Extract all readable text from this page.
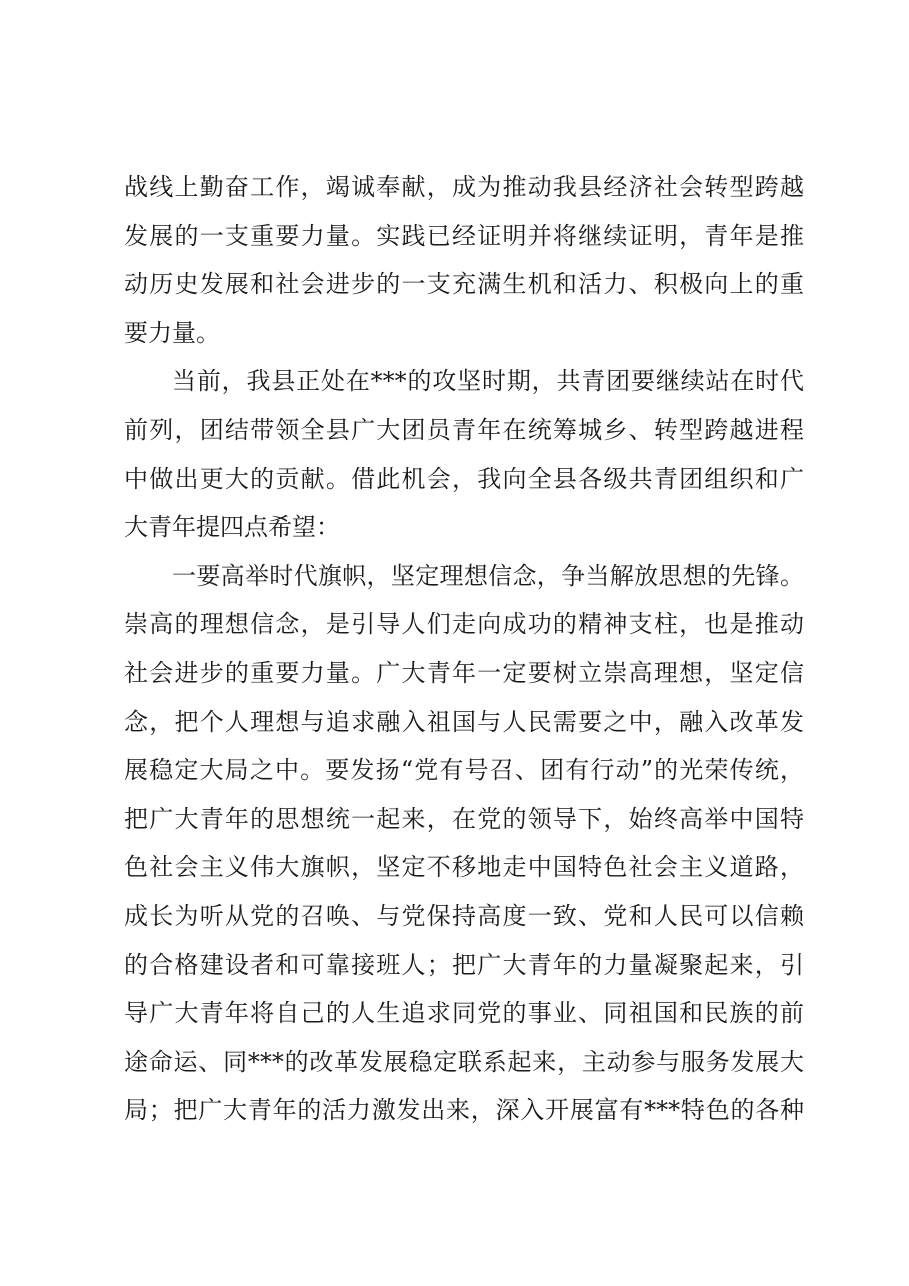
战线上勤奋工作，竭诚奉献，成为推动我县经济社会转型跨越
发展的一支重要力量。实践已经证明并将继续证明，青年是推
动历史发展和社会进步的一支充满生机和活力、积极向上的重
要力量。
当前，我县正处在***的攻坚时期，共青团要继续站在时代
前列，团结带领全县广大团员青年在统筹城乡、转型跨越进程
中做出更大的贡献。借此机会，我向全县各级共青团组织和广
大青年提四点希望：
一要高举时代旗帜，坚定理想信念，争当解放思想的先锋。
崇高的理想信念，是引导人们走向成功的精神支柱，也是推动
社会进步的重要力量。广大青年一定要树立崇高理想，坚定信
念，把个人理想与追求融入祖国与人民需要之中，融入改革发
展稳定大局之中。要发扬“党有号召、团有行动”的光荣传统，
把广大青年的思想统一起来，在党的领导下，始终高举中国特
色社会主义伟大旗帜，坚定不移地走中国特色社会主义道路，
成长为听从党的召唤、与党保持高度一致、党和人民可以信赖
的合格建设者和可靠接班人；把广大青年的力量凝聚起来，引
导广大青年将自己的人生追求同党的事业、同祖国和民族的前
途命运、同***的改革发展稳定联系起来，主动参与服务发展大
局；把广大青年的活力激发出来，深入开展富有***特色的各种
